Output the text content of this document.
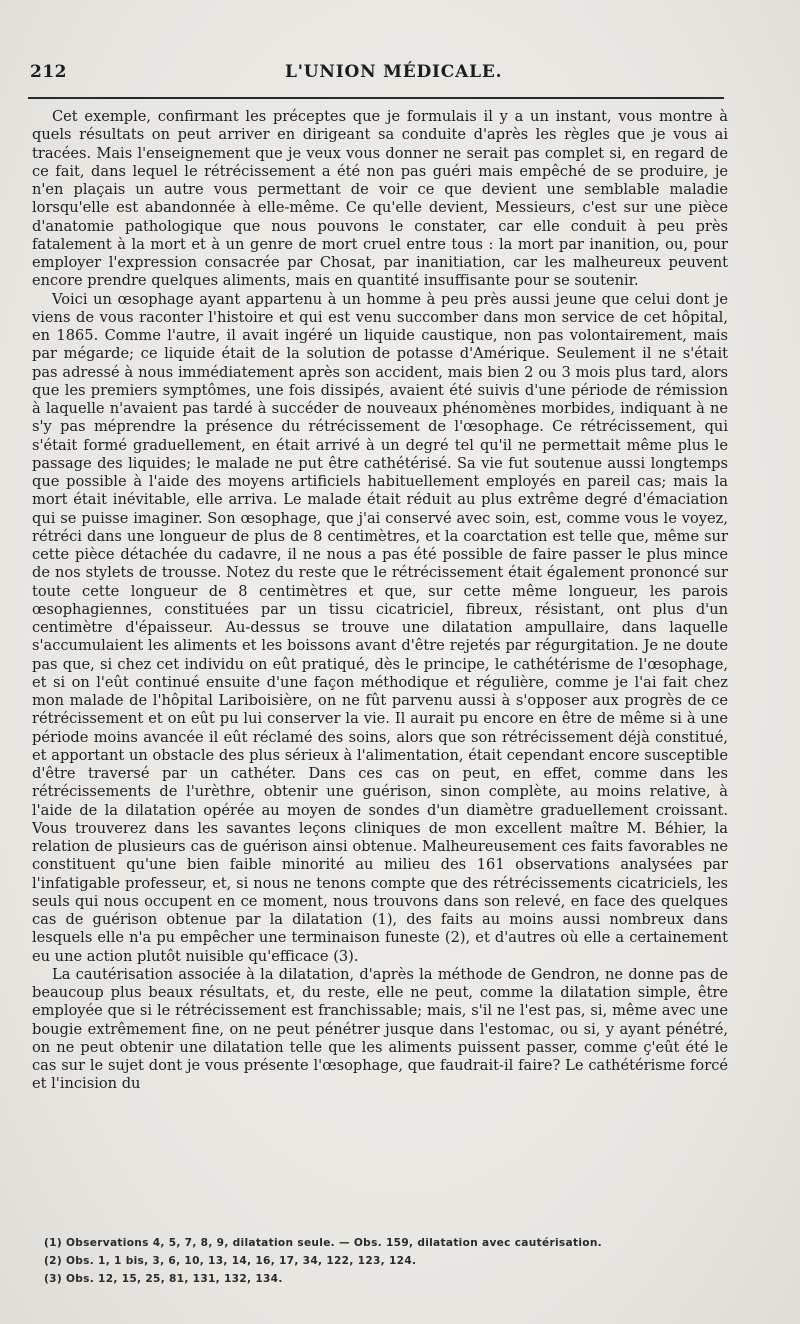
212	L'UNION MÉDICALE.

Cet exemple, confirmant les préceptes que je formulais il y a un instant, vous montre à quels résultats on peut arriver en dirigeant sa conduite d'après les règles que je vous ai tracées. Mais l'enseignement que je veux vous donner ne serait pas complet si, en regard de ce fait, dans lequel le rétrécissement a été non pas guéri mais empêché de se produire, je n'en plaçais un autre vous permettant de voir ce que devient une semblable maladie lorsqu'elle est abandonnée à elle-même. Ce qu'elle devient, Messieurs, c'est sur une pièce d'anatomie pathologique que nous pouvons le constater, car elle conduit à peu près fatalement à la mort et à un genre de mort cruel entre tous : la mort par inanition, ou, pour employer l'expression consacrée par Chosat, par inanitiation, car les malheureux peuvent encore prendre quelques aliments, mais en quantité insuffisante pour se soutenir.

Voici un œsophage ayant appartenu à un homme à peu près aussi jeune que celui dont je viens de vous raconter l'histoire et qui est venu succomber dans mon service de cet hôpital, en 1865. Comme l'autre, il avait ingéré un liquide caustique, non pas volontairement, mais par mégarde; ce liquide était de la solution de potasse d'Amérique. Seulement il ne s'était pas adressé à nous immédiatement après son accident, mais bien 2 ou 3 mois plus tard, alors que les premiers symptômes, une fois dissipés, avaient été suivis d'une période de rémission à laquelle n'avaient pas tardé à succéder de nouveaux phénomènes morbides, indiquant à ne s'y pas méprendre la présence du rétrécissement de l'œsophage. Ce rétrécissement, qui s'était formé graduellement, en était arrivé à un degré tel qu'il ne permettait même plus le passage des liquides; le malade ne put être cathétérisé. Sa vie fut soutenue aussi longtemps que possible à l'aide des moyens artificiels habituellement employés en pareil cas; mais la mort était inévitable, elle arriva. Le malade était réduit au plus extrême degré d'émaciation qui se puisse imaginer. Son œsophage, que j'ai conservé avec soin, est, comme vous le voyez, rétréci dans une longueur de plus de 8 centimètres, et la coarctation est telle que, même sur cette pièce détachée du cadavre, il ne nous a pas été possible de faire passer le plus mince de nos stylets de trousse. Notez du reste que le rétrécissement était également prononcé sur toute cette longueur de 8 centimètres et que, sur cette même longueur, les parois œsophagiennes, constituées par un tissu cicatriciel, fibreux, résistant, ont plus d'un centimètre d'épaisseur. Au-dessus se trouve une dilatation ampullaire, dans laquelle s'accumulaient les aliments et les boissons avant d'être rejetés par régurgitation. Je ne doute pas que, si chez cet individu on eût pratiqué, dès le principe, le cathétérisme de l'œsophage, et si on l'eût continué ensuite d'une façon méthodique et régulière, comme je l'ai fait chez mon malade de l'hôpital Lariboisière, on ne fût parvenu aussi à s'opposer aux progrès de ce rétrécissement et on eût pu lui conserver la vie. Il aurait pu encore en être de même si à une période moins avancée il eût réclamé des soins, alors que son rétrécissement déjà constitué, et apportant un obstacle des plus sérieux à l'alimentation, était cependant encore susceptible d'être traversé par un cathéter. Dans ces cas on peut, en effet, comme dans les rétrécissements de l'urèthre, obtenir une guérison, sinon complète, au moins relative, à l'aide de la dilatation opérée au moyen de sondes d'un diamètre graduellement croissant. Vous trouverez dans les savantes leçons cliniques de mon excellent maître M. Béhier, la relation de plusieurs cas de guérison ainsi obtenue. Malheureusement ces faits favorables ne constituent qu'une bien faible minorité au milieu des 161 observations analysées par l'infatigable professeur, et, si nous ne tenons compte que des rétrécissements cicatriciels, les seuls qui nous occupent en ce moment, nous trouvons dans son relevé, en face des quelques cas de guérison obtenue par la dilatation (1), des faits au moins aussi nombreux dans lesquels elle n'a pu empêcher une terminaison funeste (2), et d'autres où elle a certainement eu une action plutôt nuisible qu'efficace (3).

La cautérisation associée à la dilatation, d'après la méthode de Gendron, ne donne pas de beaucoup plus beaux résultats, et, du reste, elle ne peut, comme la dilatation simple, être employée que si le rétrécissement est franchissable; mais, s'il ne l'est pas, si, même avec une bougie extrêmement fine, on ne peut pénétrer jusque dans l'estomac, ou si, y ayant pénétré, on ne peut obtenir une dilatation telle que les aliments puissent passer, comme ç'eût été le cas sur le sujet dont je vous présente l'œsophage, que faudrait-il faire? Le cathétérisme forcé et l'incision du

(1) Observations 4, 5, 7, 8, 9, dilatation seule. — Obs. 159, dilatation avec cautérisation.
(2) Obs. 1, 1 bis, 3, 6, 10, 13, 14, 16, 17, 34, 122, 123, 124.
(3) Obs. 12, 15, 25, 81, 131, 132, 134.
